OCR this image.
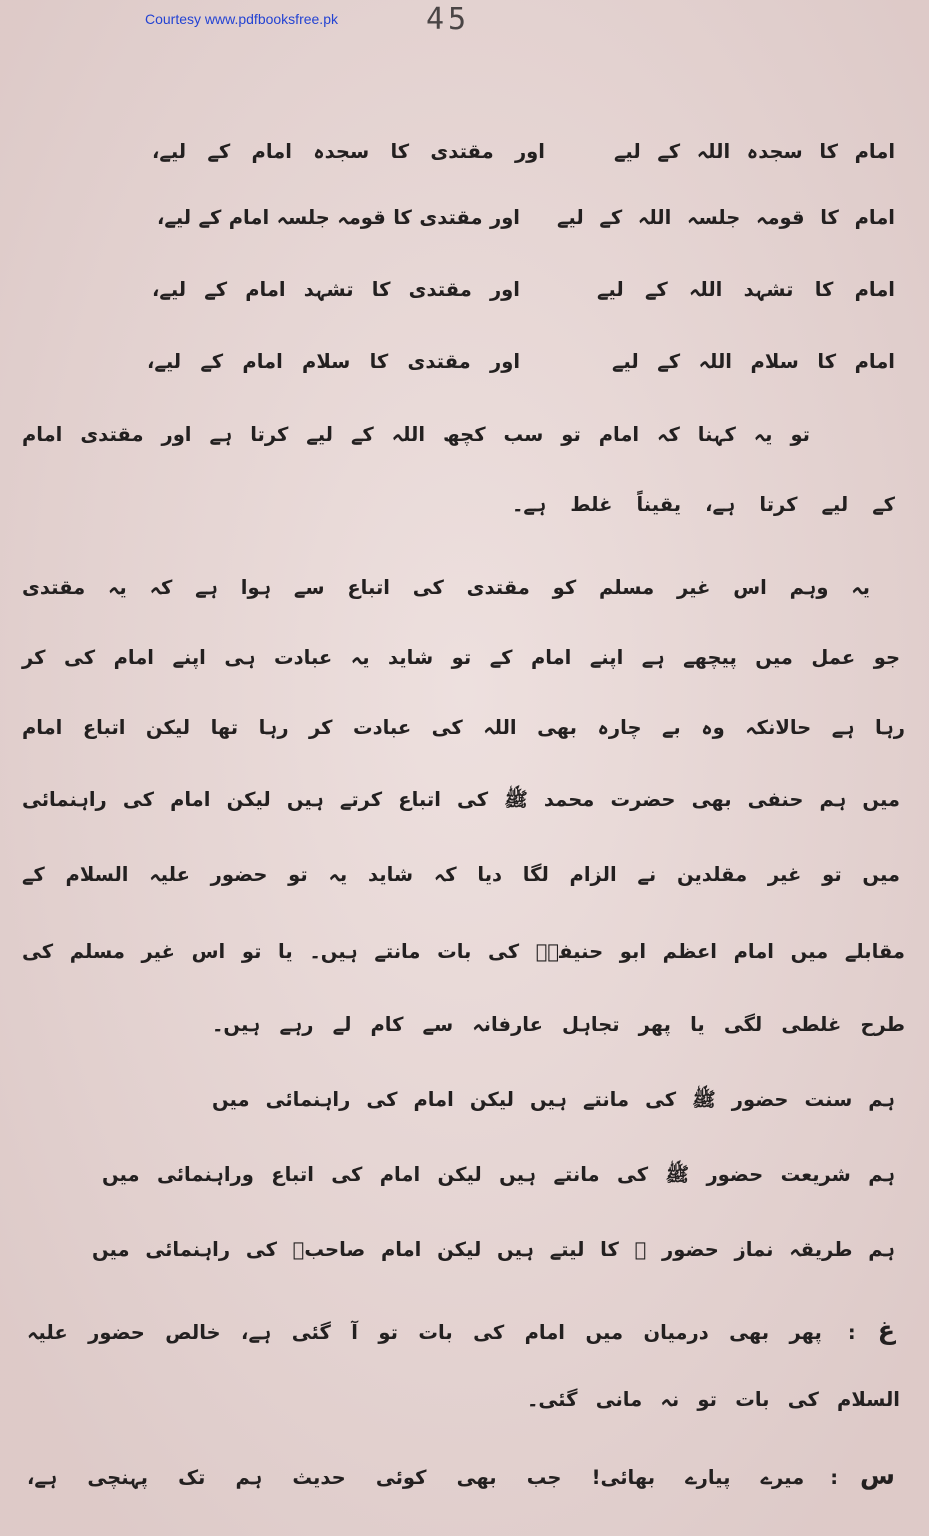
Courtesy www.pdfbooksfree.pk	45
امام کا سجدہ اللہ کے لیے
اور مقتدی کا سجدہ امام کے لیے،
امام کا قومہ جلسہ اللہ کے لیے
اور مقتدی کا قومہ جلسہ امام کے لیے،
امام کا تشہد اللہ کے لیے
اور مقتدی کا تشہد امام کے لیے،
امام کا سلام اللہ کے لیے
اور مقتدی کا سلام امام کے لیے،
تو یہ کہنا کہ امام تو سب کچھ اللہ کے لیے کرتا ہے اور مقتدی امام
کے لیے کرتا ہے، یقیناً غلط ہے۔
یہ وہم اس غیر مسلم کو مقتدی کی اتباع سے ہوا ہے کہ یہ مقتدی
جو عمل میں پیچھے ہے اپنے امام کے تو شاید یہ عبادت ہی اپنے امام کی کر
رہا ہے حالانکہ وہ بے چارہ بھی اللہ کی عبادت کر رہا تھا لیکن اتباع امام
میں ہم حنفی بھی حضرت محمد ﷺ کی اتباع کرتے ہیں لیکن امام کی راہنمائی
میں تو غیر مقلدین نے الزام لگا دیا کہ شاید یہ تو حضور علیہ السلام کے
مقابلے میں امام اعظم ابو حنیفہؒ کی بات مانتے ہیں۔ یا تو اس غیر مسلم کی
طرح غلطی لگی یا پھر تجاہل عارفانہ سے کام لے رہے ہیں۔
ہم سنت حضور ﷺ کی مانتے ہیں لیکن امام کی راہنمائی میں
ہم شریعت حضور ﷺ کی مانتے ہیں لیکن امام کی اتباع وراہنمائی میں
ہم طریقہ نماز حضور ﷺ کا لیتے ہیں لیکن امام صاحبؒ کی راہنمائی میں
غ:پھر بھی درمیان میں امام کی بات تو آ گئی ہے، خالص حضور علیہ
السلام کی بات تو نہ مانی گئی۔
س:میرے پیارے بھائی! جب بھی کوئی حدیث ہم تک پہنچی ہے،
